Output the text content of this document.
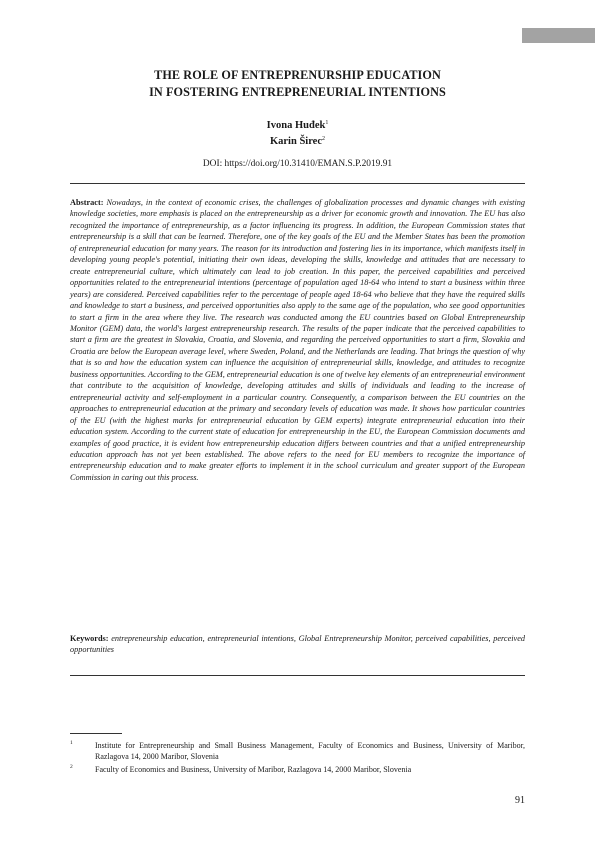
THE ROLE OF ENTREPRENURSHIP EDUCATION
IN FOSTERING ENTREPRENEURIAL INTENTIONS
Ivona Huđek$^1$
Karin Širec$^2$
DOI: https://doi.org/10.31410/EMAN.S.P.2019.91
Abstract: Nowadays, in the context of economic crises, the challenges of globalization processes and dynamic changes with existing knowledge societies, more emphasis is placed on the entrepreneurship as a driver for economic growth and innovation. The EU has also recognized the importance of entrepreneurship, as a factor influencing its progress. In addition, the European Commission states that entrepreneurship is a skill that can be learned. Therefore, one of the key goals of the EU and the Member States has been the promotion of entrepreneurial education for many years. The reason for its introduction and fostering lies in its importance, which manifests itself in developing young people's potential, initiating their own ideas, developing the skills, knowledge and attitudes that are necessary to create entrepreneurial culture, which ultimately can lead to job creation. In this paper, the perceived capabilities and perceived opportunities related to the entrepreneurial intentions (percentage of population aged 18-64 who intend to start a business within three years) are considered. Perceived capabilities refer to the percentage of people aged 18-64 who believe that they have the required skills and knowledge to start a business, and perceived opportunities also apply to the same age of the population, who see good opportunities to start a firm in the area where they live. The research was conducted among the EU countries based on Global Entrepreneurship Monitor (GEM) data, the world's largest entrepreneurship research. The results of the paper indicate that the perceived capabilities to start a firm are the greatest in Slovakia, Croatia, and Slovenia, and regarding the perceived opportunities to start a firm, Slovakia and Croatia are below the European average level, where Sweden, Poland, and the Netherlands are leading. That brings the question of why that is so and how the education system can influence the acquisition of entrepreneurial skills, knowledge, and attitudes to recognize business opportunities. According to the GEM, entrepreneurial education is one of twelve key elements of an entrepreneurial environment that contribute to the acquisition of knowledge, developing attitudes and skills of individuals and leading to the increase of entrepreneurial activity and self-employment in a particular country. Consequently, a comparison between the EU countries on the approaches to entrepreneurial education at the primary and secondary levels of education was made. It shows how particular countries of the EU (with the highest marks for entrepreneurial education by GEM experts) integrate entrepreneurial education into their education system. According to the current state of education for entrepreneurship in the EU, the European Commission documents and examples of good practice, it is evident how entrepreneurship education differs between countries and that a unified entrepreneurship education approach has not yet been established. The above refers to the need for EU members to recognize the importance of entrepreneurship education and to make greater efforts to implement it in the school curriculum and greater support of the European Commission in caring out this process.
Keywords: entrepreneurship education, entrepreneurial intentions, Global Entrepreneurship Monitor, perceived capabilities, perceived opportunities
1	Institute for Entrepreneurship and Small Business Management, Faculty of Economics and Business, University of Maribor, Razlagova 14, 2000 Maribor, Slovenia
2	Faculty of Economics and Business, University of Maribor, Razlagova 14, 2000 Maribor, Slovenia
91
